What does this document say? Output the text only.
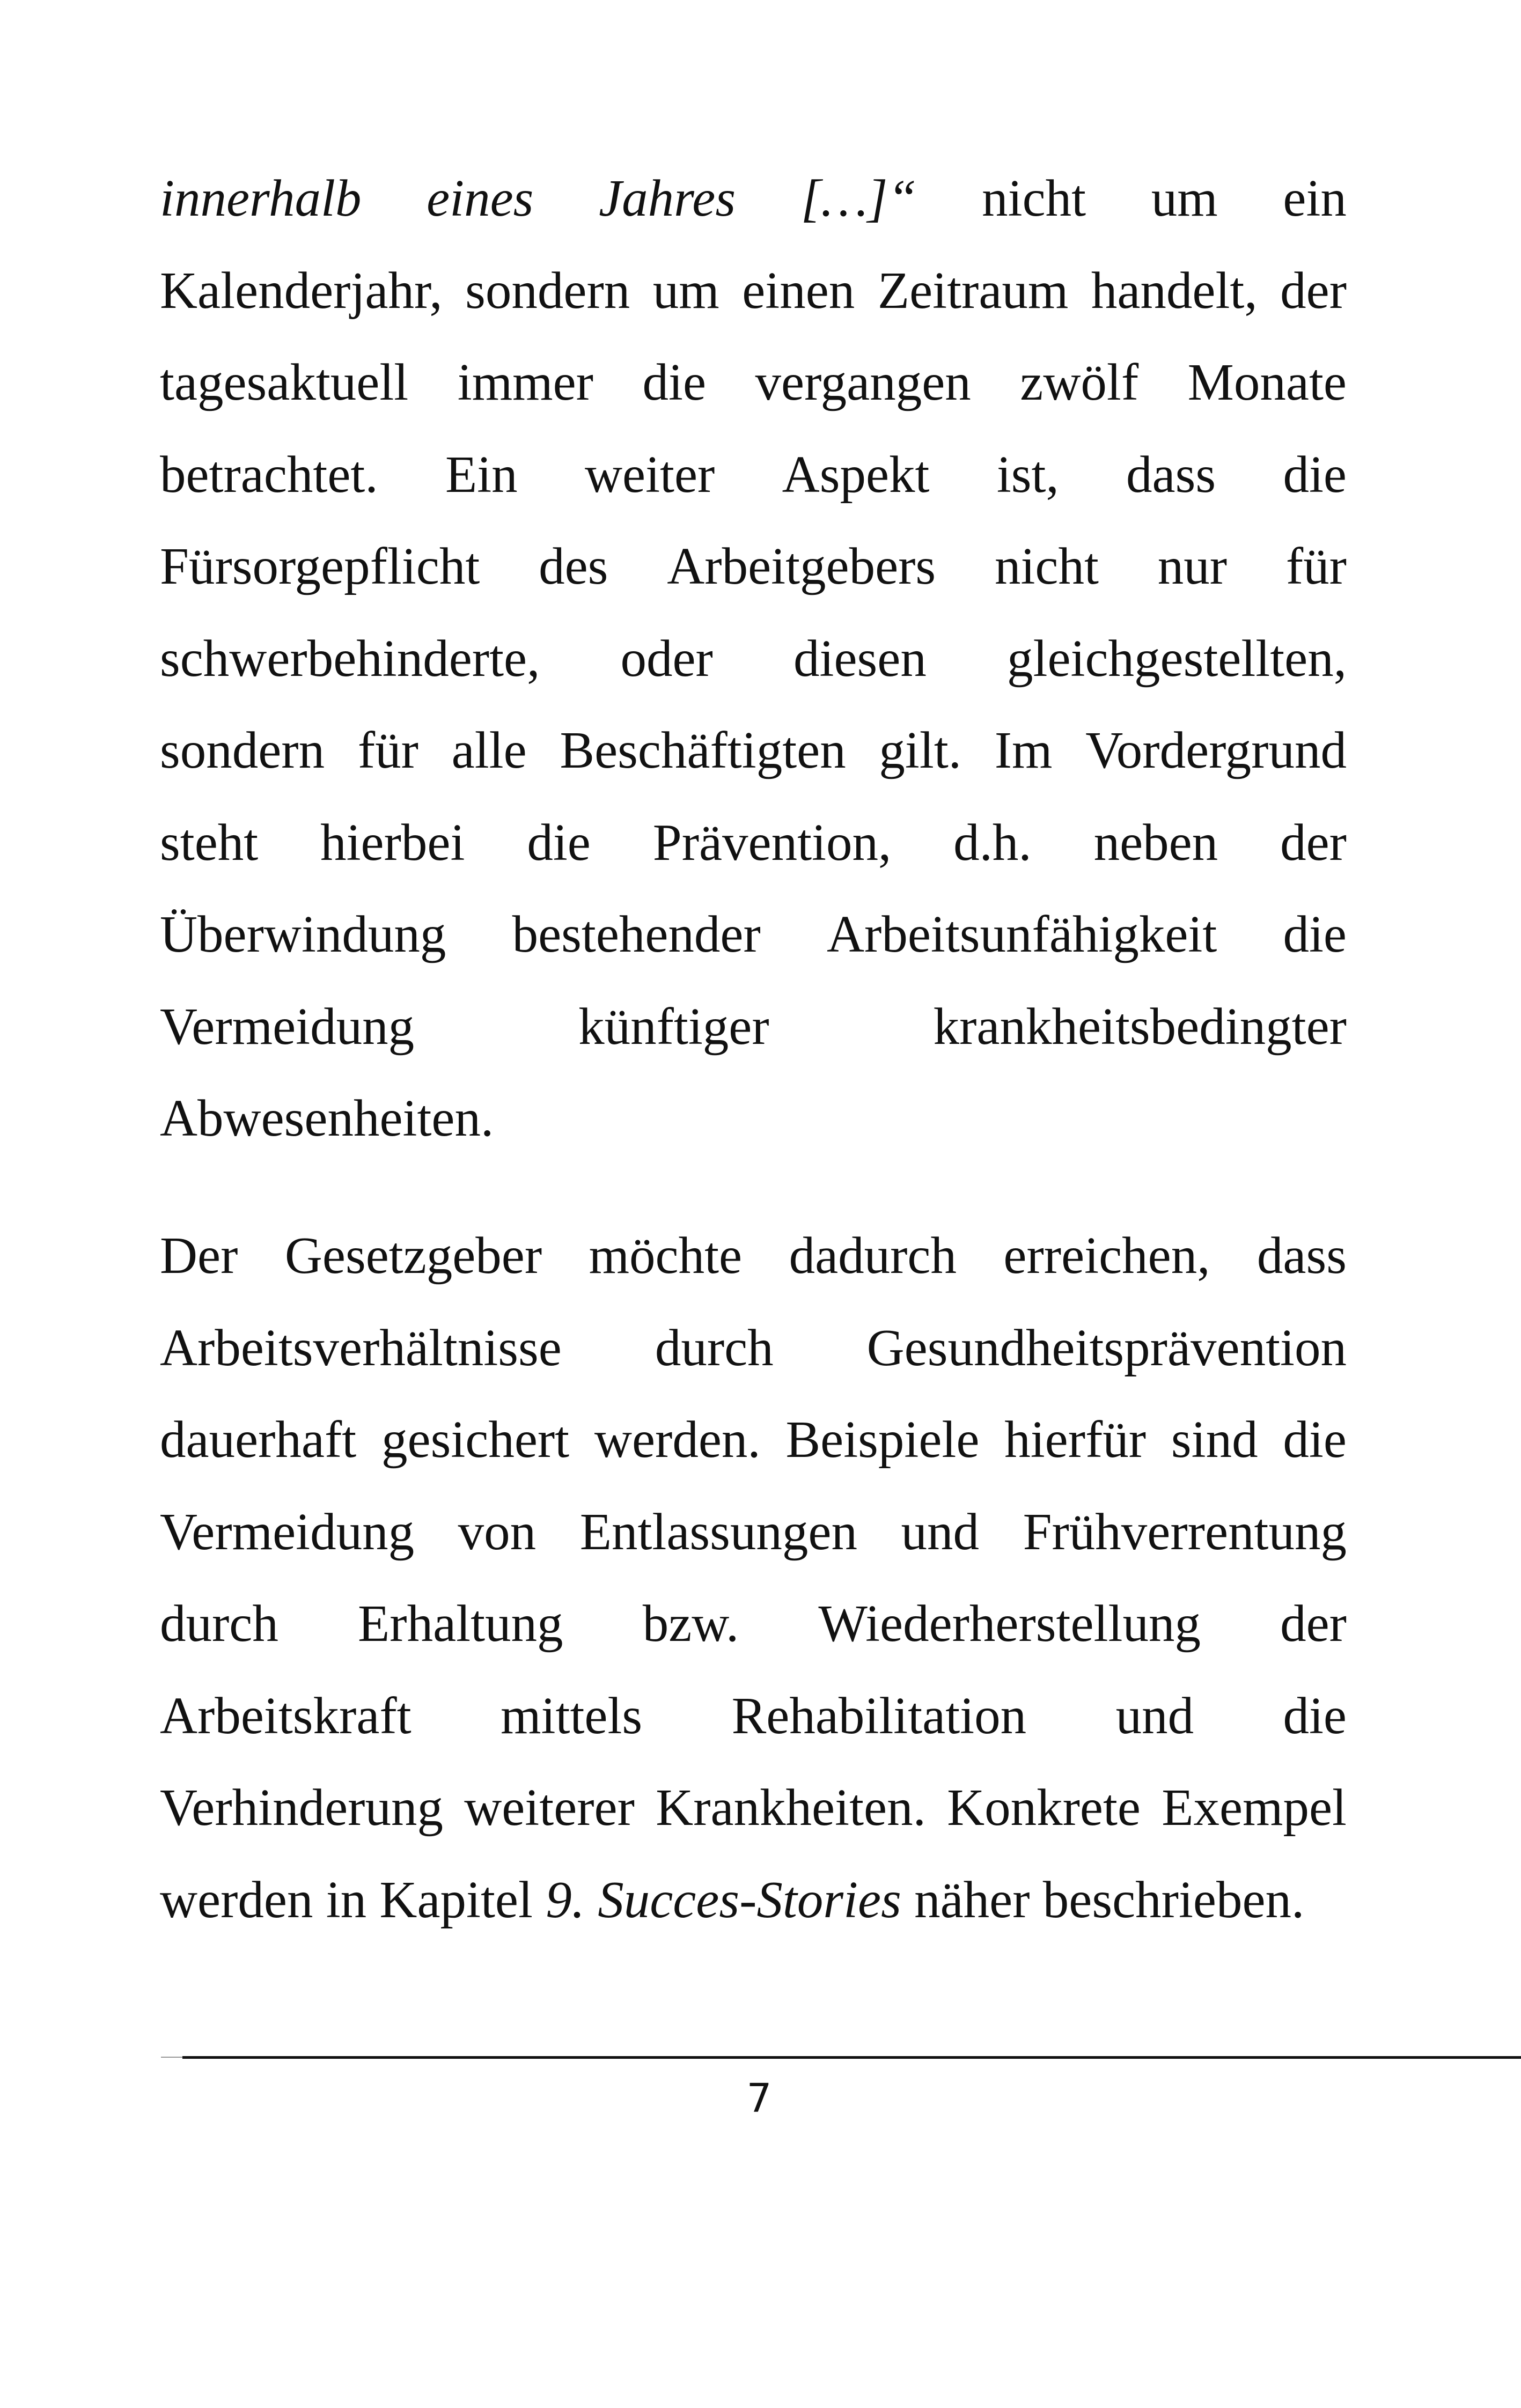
innerhalb eines Jahres […]“ nicht um ein
Kalenderjahr, sondern um einen Zeitraum handelt, der
tagesaktuell immer die vergangen zwölf Monate
betrachtet. Ein weiter Aspekt ist, dass die
Fürsorgepflicht des Arbeitgebers nicht nur für
schwerbehinderte, oder diesen gleichgestellten,
sondern für alle Beschäftigten gilt. Im Vordergrund
steht hierbei die Prävention, d.h. neben der
Überwindung bestehender Arbeitsunfähigkeit die
Vermeidung	künftiger	krankheitsbedingter
Abwesenheiten.
Der Gesetzgeber möchte dadurch erreichen, dass
Arbeitsverhältnisse durch Gesundheitsprävention
dauerhaft gesichert werden. Beispiele hierfür sind die
Vermeidung von Entlassungen und Frühverrentung
durch Erhaltung bzw. Wiederherstellung der
Arbeitskraft mittels Rehabilitation und die
Verhinderung weiterer Krankheiten. Konkrete Exempel
werden in Kapitel 9. Succes-Stories näher beschrieben.
7
